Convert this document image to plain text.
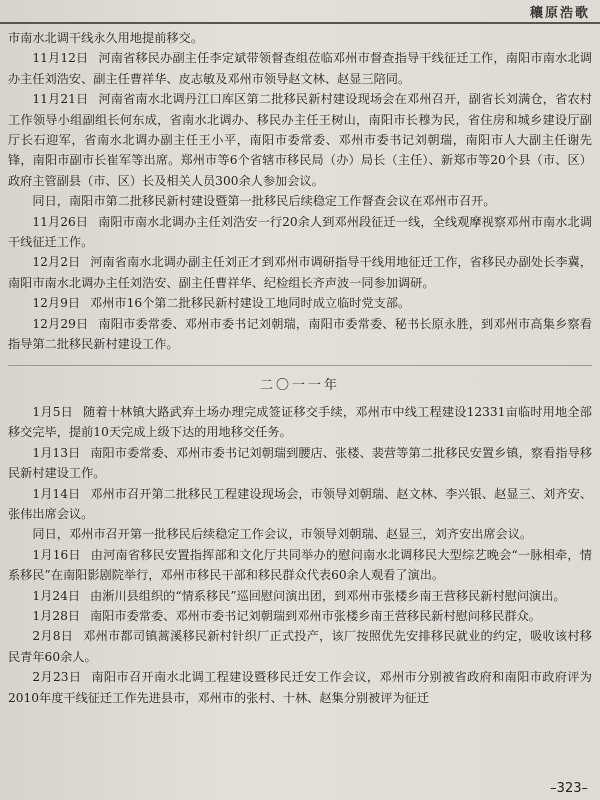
穰原浩歌

市南水北调干线永久用地提前移交。

11月12日 河南省移民办副主任李定斌带领督查组莅临邓州市督查指导干线征迁工作，南阳市南水北调办主任刘浩安、副主任曹祥华、皮志敏及邓州市领导赵文林、赵显三陪同。

11月21日 河南省南水北调丹江口库区第二批移民新村建设现场会在邓州召开，副省长刘满仓，省农村工作领导小组副组长何东成，省南水北调办、移民办主任王树山，南阳市长穆为民，省住房和城乡建设厅副厅长石迎军，省南水北调办副主任王小平，南阳市委常委、邓州市委书记刘朝瑞，南阳市人大副主任谢先锋，南阳市副市长崔军等出席。郑州市等6个省辖市移民局（办）局长（主任）、新郑市等20个县（市、区）政府主管副县（市、区）长及相关人员300余人参加会议。

同日，南阳市第二批移民新村建设暨第一批移民后续稳定工作督查会议在邓州市召开。

11月26日 南阳市南水北调办主任刘浩安一行20余人到邓州段征迁一线，全线观摩视察邓州市南水北调干线征迁工作。

12月2日 河南省南水北调办副主任刘正才到邓州市调研指导干线用地征迁工作，省移民办副处长李冀，南阳市南水北调办主任刘浩安、副主任曹祥华、纪检组长齐声波一同参加调研。

12月9日 邓州市16个第二批移民新村建设工地同时成立临时党支部。

12月29日 南阳市委常委、邓州市委书记刘朝瑞，南阳市委常委、秘书长原永胜，到邓州市高集乡察看指导第二批移民新村建设工作。

二〇一一年

1月5日 随着十林镇大路武弃土场办理完成签证移交手续，邓州市中线工程建设12331亩临时用地全部移交完毕，提前10天完成上级下达的用地移交任务。

1月13日 南阳市委常委、邓州市委书记刘朝瑞到腰店、张楼、裴营等第二批移民安置乡镇，察看指导移民新村建设工作。

1月14日 邓州市召开第二批移民工程建设现场会，市领导刘朝瑞、赵文林、李兴银、赵显三、刘齐安、张伟出席会议。

同日，邓州市召开第一批移民后续稳定工作会议，市领导刘朝瑞、赵显三，刘齐安出席会议。

1月16日 由河南省移民安置指挥部和文化厅共同举办的慰问南水北调移民大型综艺晚会“一脉相牵，情系移民”在南阳影剧院举行，邓州市移民干部和移民群众代表60余人观看了演出。

1月24日 由淅川县组织的“情系移民”巡回慰问演出团，到邓州市张楼乡南王营移民新村慰问演出。

1月28日 南阳市委常委、邓州市委书记刘朝瑞到邓州市张楼乡南王营移民新村慰问移民群众。

2月8日 邓州市都司镇蒿溪移民新村针织厂正式投产，该厂按照优先安排移民就业的约定，吸收该村移民青年60余人。

2月23日 南阳市召开南水北调工程建设暨移民迁安工作会议，邓州市分别被省政府和南阳市政府评为2010年度干线征迁工作先进县市，邓州市的张村、十林、赵集分别被评为征迁

–323–
